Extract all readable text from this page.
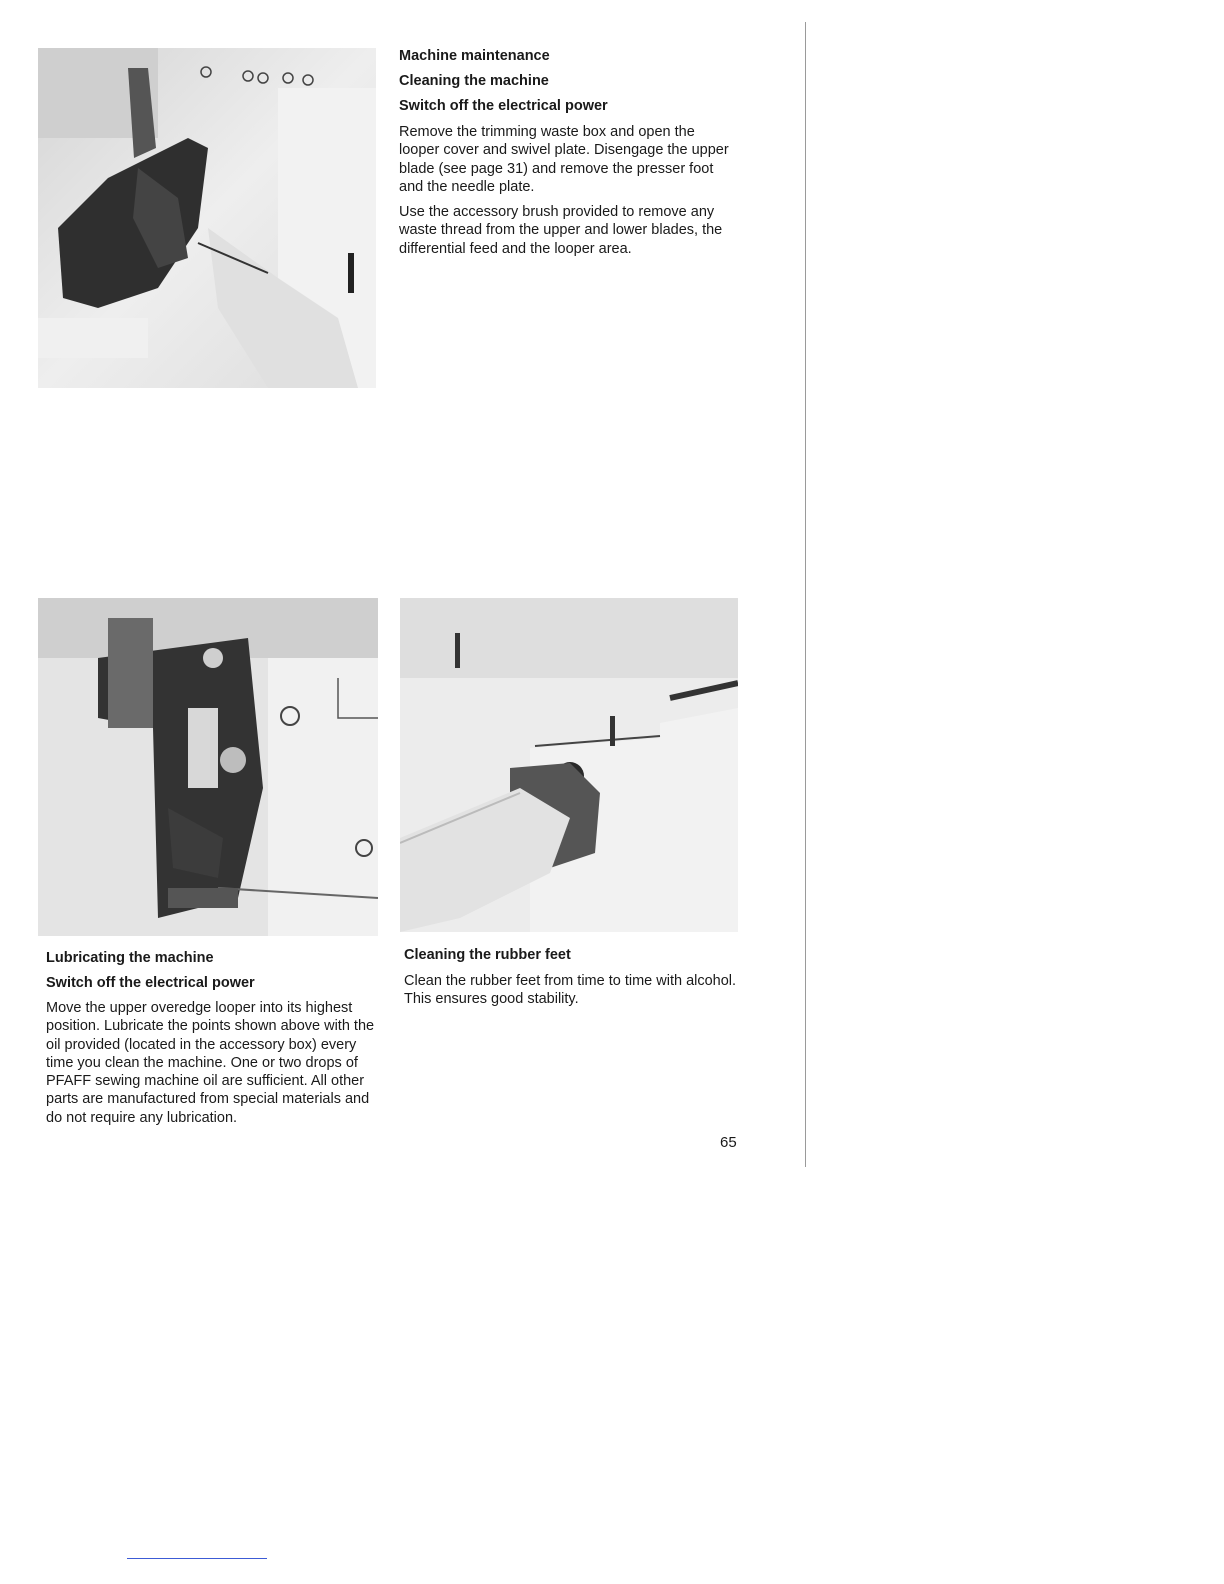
Machine maintenance
Cleaning the machine
Switch off the electrical power

Remove the trimming waste box and open the looper cover and swivel plate. Disengage the upper blade (see page 31) and remove the presser foot and the needle plate.

Use the accessory brush provided to remove any waste thread from the upper and lower blades, the differential feed and the looper area.

Lubricating the machine
Switch off the electrical power

Move the upper overedge looper into its highest position. Lubricate the points shown above with the oil provided (located in the accessory box) every time you clean the machine. One or two drops of PFAFF sewing machine oil are sufficient. All other parts are manufactured from special materials and do not require any lubrication.

Cleaning the rubber feet

Clean the rubber feet from time to time with alcohol. This ensures good stability.

65
